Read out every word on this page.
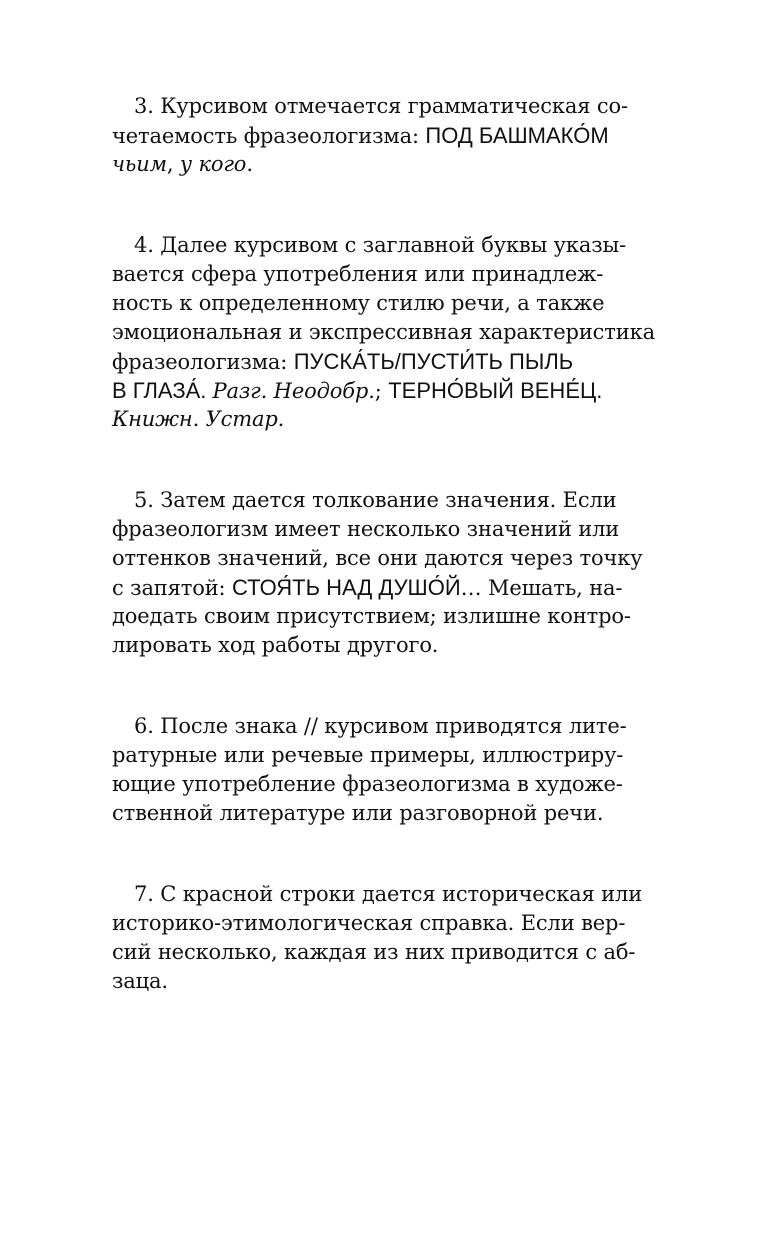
3. Курсивом отмечается грамматическая со-
четаемость фразеологизма: ПОД БАШМАКО́М
чьим, у кого.
4. Далее курсивом с заглавной буквы указы-
вается сфера употребления или принадлеж-
ность к определенному стилю речи, а также
эмоциональная и экспрессивная характеристика
фразеологизма: ПУСКА́ТЬ/ПУСТИ́ТЬ ПЫЛЬ
В ГЛАЗА́. Разг. Неодобр.; ТЕРНО́ВЫЙ ВЕНЕ́Ц.
Книжн. Устар.
5. Затем дается толкование значения. Если
фразеологизм имеет несколько значений или
оттенков значений, все они даются через точку
с запятой: СТОЯ́ТЬ НАД ДУШО́Й… Мешать, на-
доедать своим присутствием; излишне контро-
лировать ход работы другого.
6. После знака // курсивом приводятся лите-
ратурные или речевые примеры, иллюстриру-
ющие употребление фразеологизма в художе-
ственной литературе или разговорной речи.
7. С красной строки дается историческая или
историко-этимологическая справка. Если вер-
сий несколько, каждая из них приводится с аб-
заца.
